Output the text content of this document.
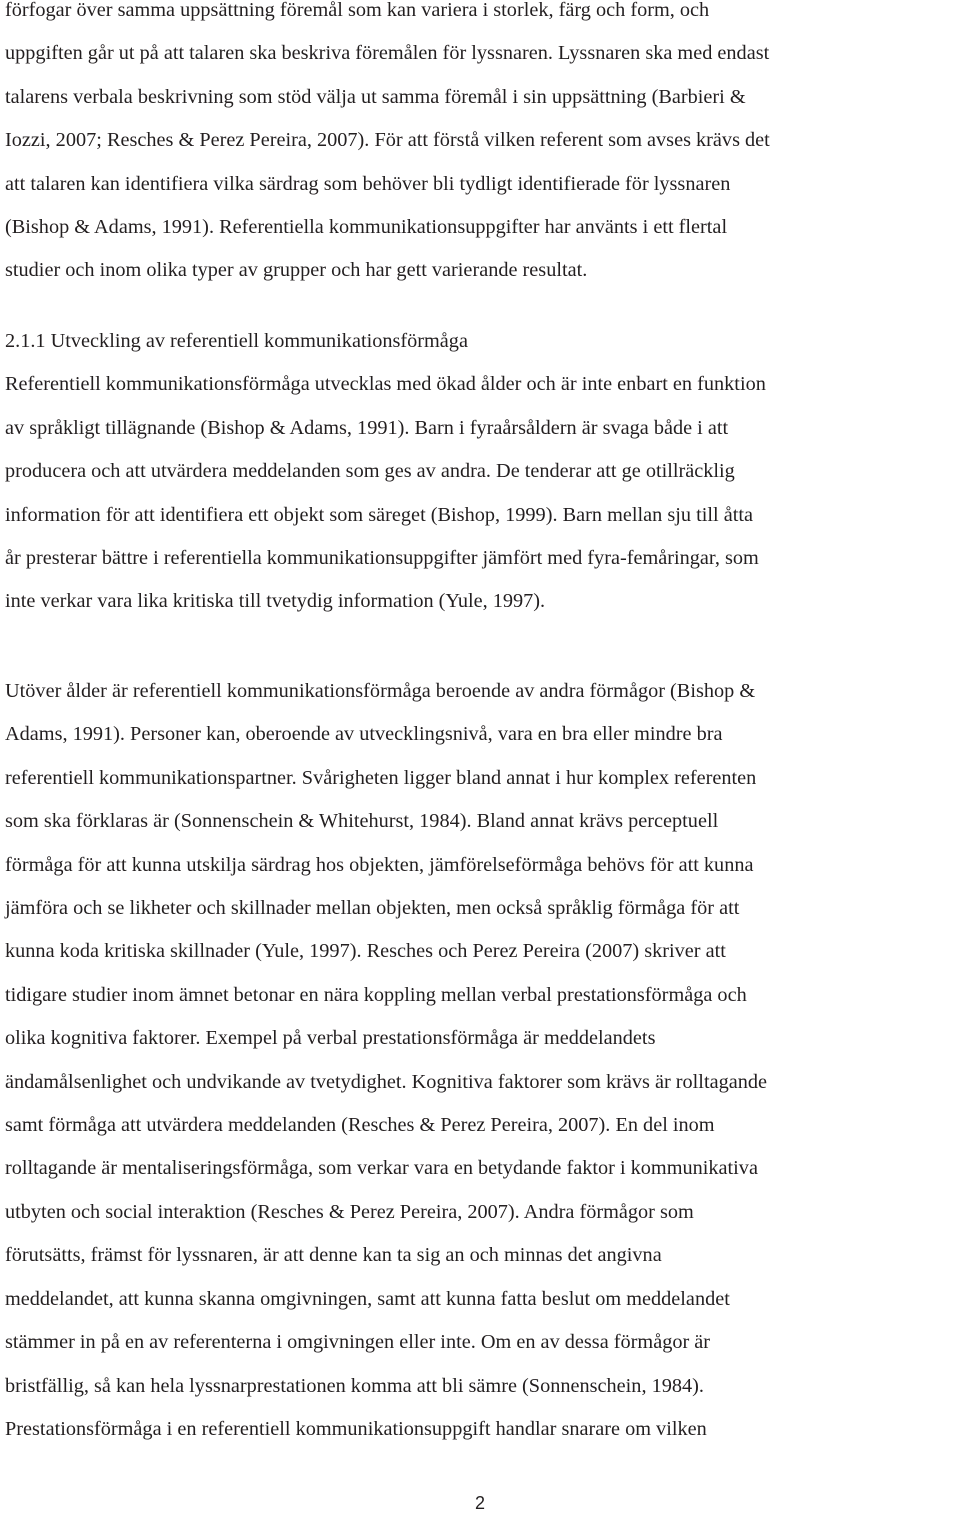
förfogar över samma uppsättning föremål som kan variera i storlek, färg och form, och
uppgiften går ut på att talaren ska beskriva föremålen för lyssnaren. Lyssnaren ska med endast
talarens verbala beskrivning som stöd välja ut samma föremål i sin uppsättning (Barbieri &
Iozzi, 2007; Resches & Perez Pereira, 2007). För att förstå vilken referent som avses krävs det
att talaren kan identifiera vilka särdrag som behöver bli tydligt identifierade för lyssnaren
(Bishop & Adams, 1991). Referentiella kommunikationsuppgifter har använts i ett flertal
studier och inom olika typer av grupper och har gett varierande resultat.
2.1.1 Utveckling av referentiell kommunikationsförmåga
Referentiell kommunikationsförmåga utvecklas med ökad ålder och är inte enbart en funktion
av språkligt tillägnande (Bishop & Adams, 1991). Barn i fyraårsåldern är svaga både i att
producera och att utvärdera meddelanden som ges av andra. De tenderar att ge otillräcklig
information för att identifiera ett objekt som säreget (Bishop, 1999). Barn mellan sju till åtta
år presterar bättre i referentiella kommunikationsuppgifter jämfört med fyra-femåringar, som
inte verkar vara lika kritiska till tvetydig information (Yule, 1997).
Utöver ålder är referentiell kommunikationsförmåga beroende av andra förmågor (Bishop &
Adams, 1991). Personer kan, oberoende av utvecklingsnivå, vara en bra eller mindre bra
referentiell kommunikationspartner. Svårigheten ligger bland annat i hur komplex referenten
som ska förklaras är (Sonnenschein & Whitehurst, 1984). Bland annat krävs perceptuell
förmåga för att kunna utskilja särdrag hos objekten, jämförelseförmåga behövs för att kunna
jämföra och se likheter och skillnader mellan objekten, men också språklig förmåga för att
kunna koda kritiska skillnader (Yule, 1997). Resches och Perez Pereira (2007) skriver att
tidigare studier inom ämnet betonar en nära koppling mellan verbal prestationsförmåga och
olika kognitiva faktorer. Exempel på verbal prestationsförmåga är meddelandets
ändamålsenlighet och undvikande av tvetydighet. Kognitiva faktorer som krävs är rolltagande
samt förmåga att utvärdera meddelanden (Resches & Perez Pereira, 2007). En del inom
rolltagande är mentaliseringsförmåga, som verkar vara en betydande faktor i kommunikativa
utbyten och social interaktion (Resches & Perez Pereira, 2007). Andra förmågor som
förutsätts, främst för lyssnaren, är att denne kan ta sig an och minnas det angivna
meddelandet, att kunna skanna omgivningen, samt att kunna fatta beslut om meddelandet
stämmer in på en av referenterna i omgivningen eller inte. Om en av dessa förmågor är
bristfällig, så kan hela lyssnarprestationen komma att bli sämre (Sonnenschein, 1984).
Prestationsförmåga i en referentiell kommunikationsuppgift handlar snarare om vilken
2
